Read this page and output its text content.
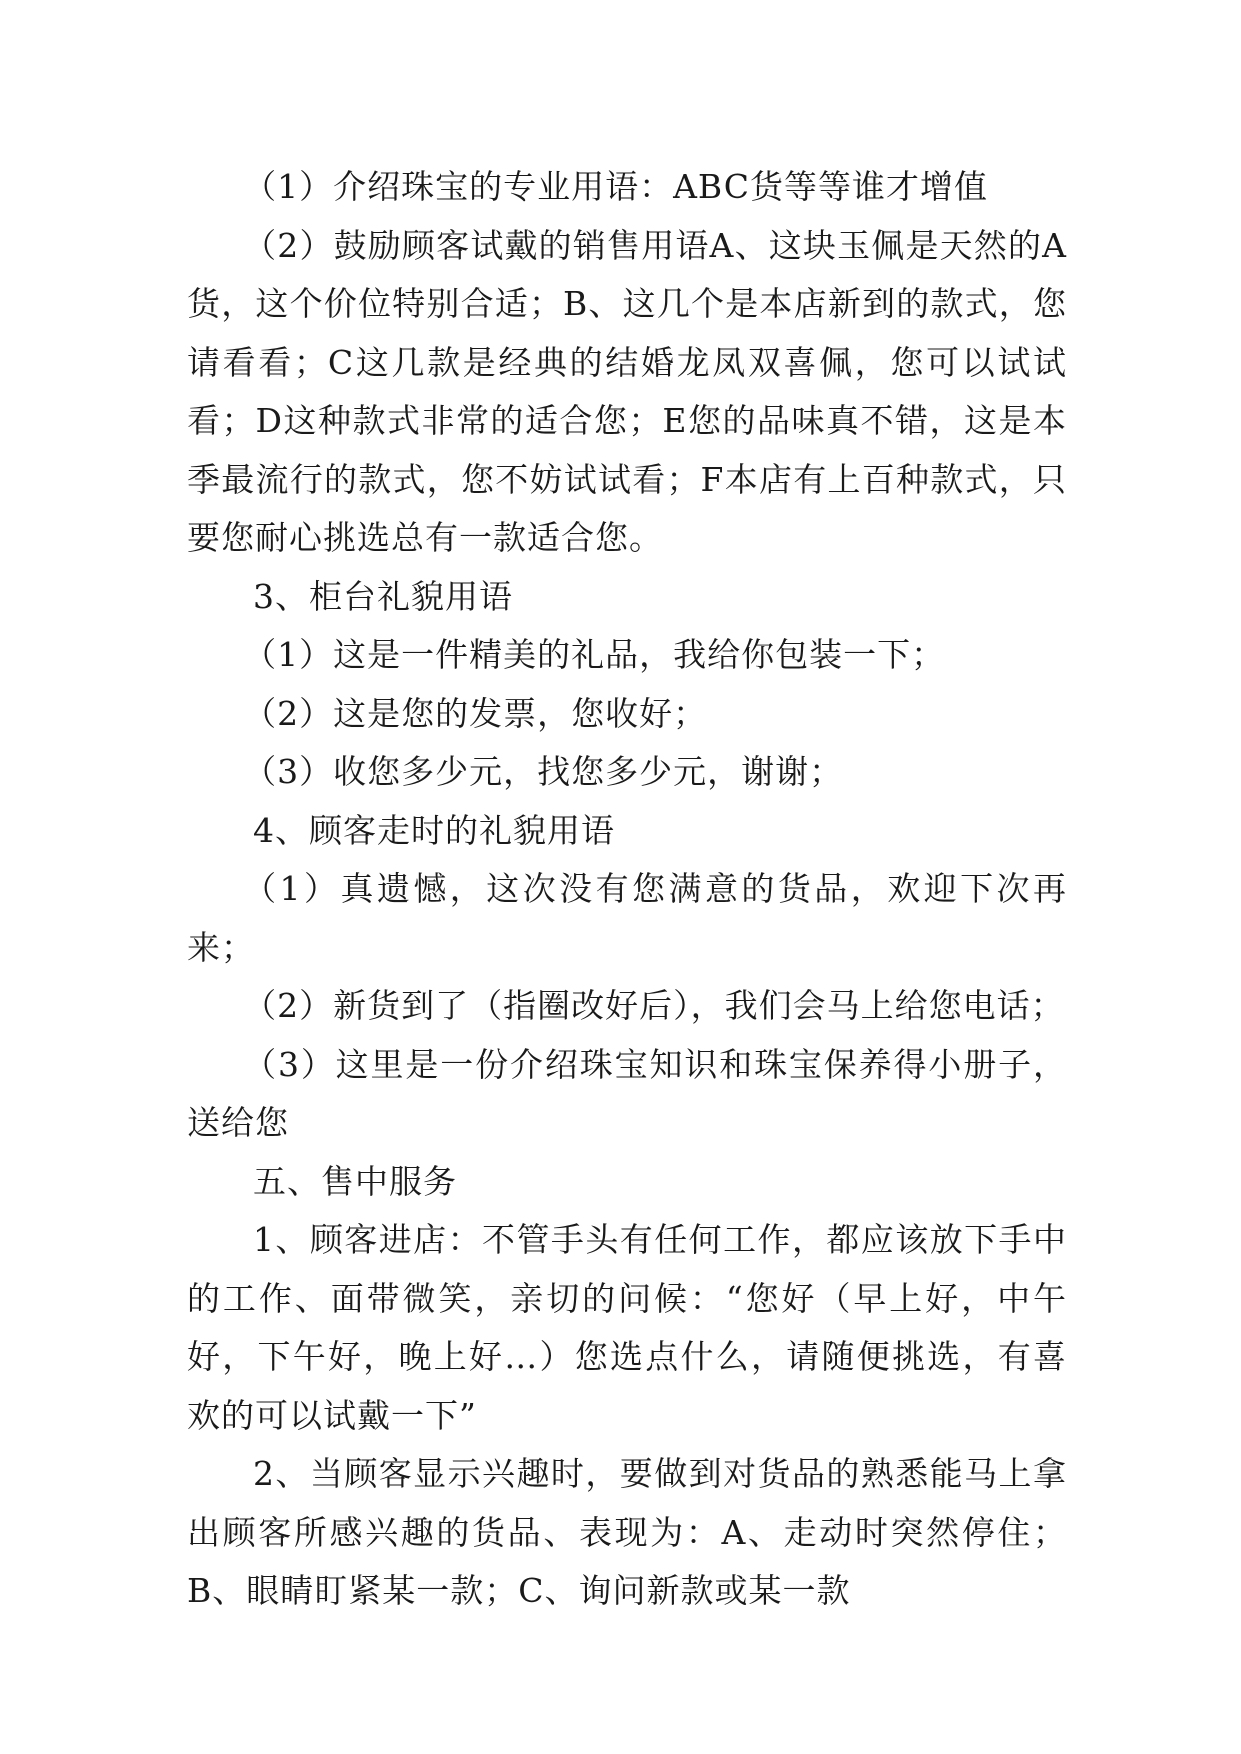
（1）介绍珠宝的专业用语：ABC货等等谁才增值

（2）鼓励顾客试戴的销售用语A、这块玉佩是天然的A货，这个价位特别合适；B、这几个是本店新到的款式，您请看看；C这几款是经典的结婚龙凤双喜佩，您可以试试看；D这种款式非常的适合您；E您的品味真不错，这是本季最流行的款式，您不妨试试看；F本店有上百种款式，只要您耐心挑选总有一款适合您。

3、柜台礼貌用语

（1）这是一件精美的礼品，我给你包装一下；

（2）这是您的发票，您收好；

（3）收您多少元，找您多少元，谢谢；

4、顾客走时的礼貌用语

（1）真遗憾，这次没有您满意的货品，欢迎下次再来；

（2）新货到了（指圈改好后），我们会马上给您电话；

（3）这里是一份介绍珠宝知识和珠宝保养得小册子，送给您

五、售中服务

1、顾客进店：不管手头有任何工作，都应该放下手中的工作、面带微笑，亲切的问候：“您好（早上好，中午好，下午好，晚上好…）您选点什么，请随便挑选，有喜欢的可以试戴一下”

2、当顾客显示兴趣时，要做到对货品的熟悉能马上拿出顾客所感兴趣的货品、表现为：A、走动时突然停住；B、眼睛盯紧某一款；C、询问新款或某一款
